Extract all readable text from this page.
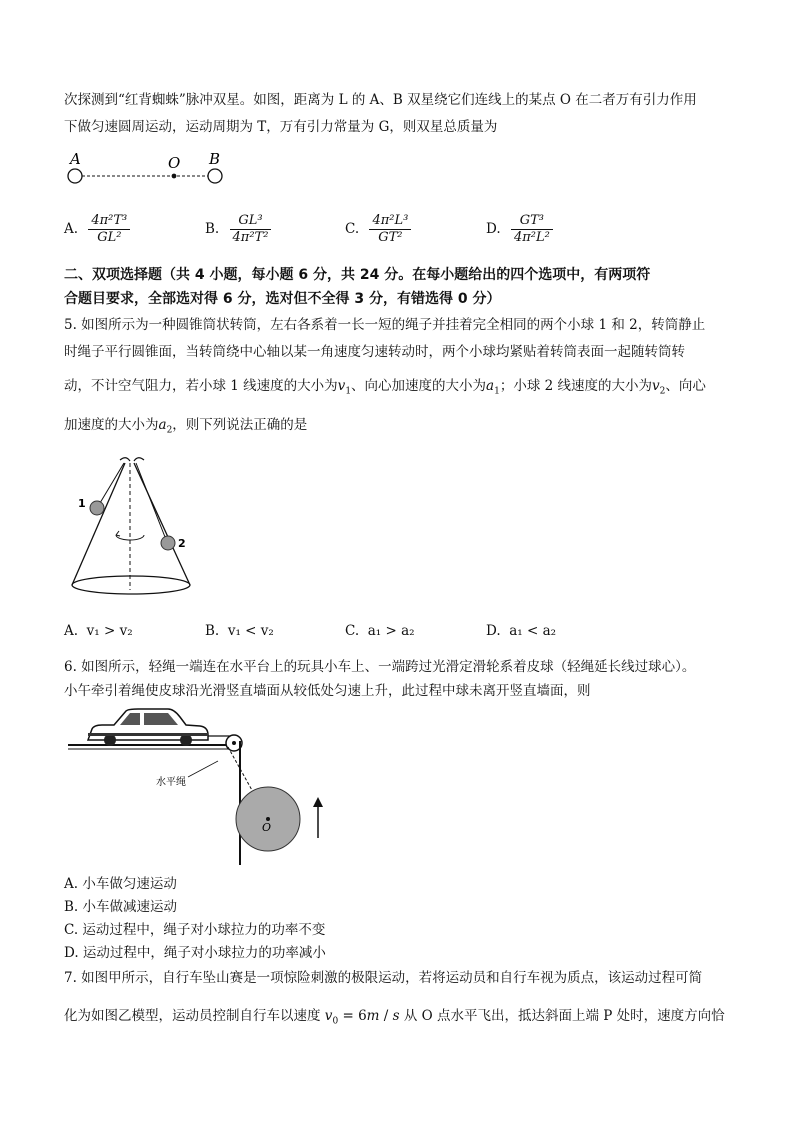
次探测到“红背蜘蛛”脉冲双星。如图，距离为 L 的 A、B 双星绕它们连线上的某点 O 在二者万有引力作用
下做匀速圆周运动，运动周期为 T，万有引力常量为 G，则双星总质量为
A	O B
A. $\frac{\text{4π²T³}}{\text{GL²}}$	B. $\frac{\text{GL³}}{\text{4π²T²}}$	C. $\frac{\text{4π²L³}}{\text{GT²}}$	D. $\frac{\text{GT³}}{\text{4π²L²}}$
二、双项选择题（共 4 小题，每小题 6 分，共 24 分。在每小题给出的四个选项中，有两项符
合题目要求，全部选对得 6 分，选对但不全得 3 分，有错选得 0 分）
5. 如图所示为一种圆锥筒状转筒，左右各系着一长一短的绳子并挂着完全相同的两个小球 1 和 2，转筒静止
时绳子平行圆锥面，当转筒绕中心轴以某一角速度匀速转动时，两个小球均紧贴着转筒表面一起随转筒转
动，不计空气阻力，若小球 1 线速度的大小为$v_1$、向心加速度的大小为$a_1$；小球 2 线速度的大小为$v_2$、向心
加速度的大小为$a_2$，则下列说法正确的是
1
2
A. v₁ > v₂	B. v₁ < v₂	C. a₁ > a₂	D. a₁ < a₂
6. 如图所示，轻绳一端连在水平台上的玩具小车上、一端跨过光滑定滑轮系着皮球（轻绳延长线过球心）。
小午牵引着绳使皮球沿光滑竖直墙面从较低处匀速上升，此过程中球未离开竖直墙面，则
O
水平绳
A. 小车做匀速运动
B. 小车做减速运动
C. 运动过程中，绳子对小球拉力的功率不变
D. 运动过程中，绳子对小球拉力的功率减小
7. 如图甲所示，自行车坠山赛是一项惊险刺激的极限运动，若将运动员和自行车视为质点，该运动过程可简
化为如图乙模型，运动员控制自行车以速度 $v_0 = 6m / s$ 从 O 点水平飞出，抵达斜面上端 P 处时，速度方向恰
